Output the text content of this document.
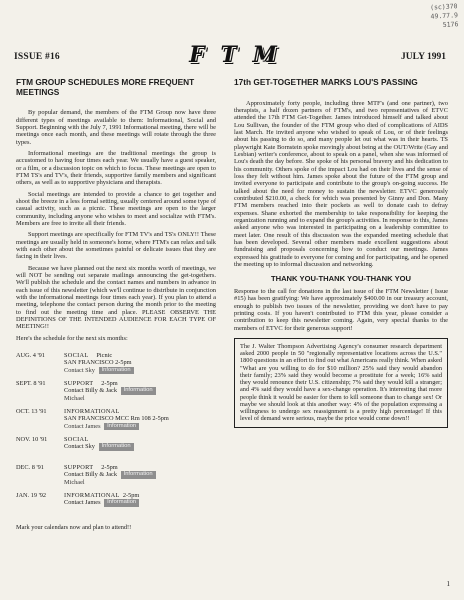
(sc)370
49.77.9
5176
ISSUE #16	F T M	JULY 1991
FTM GROUP SCHEDULES MORE FREQUENT MEETINGS

By popular demand, the members of the FTM Group now have three different types of meetings available to them: Informational, Social and Support. Beginning with the July 7, 1991 Informational meeting, there will be meetings once each month, and these meetings will rotate through the three types.

Informational meetings are the traditional meetings the group is accustomed to having four times each year. We usually have a guest speaker, or a film, or a discussion topic on which to focus. These meetings are open to FTM TS's and TV's, their friends, supportive family members and significant others, as well as to supportive physicians and therapists.

Social meetings are intended to provide a chance to get together and shoot the breeze in a less formal setting, usually centered around some type of casual activity, such as a picnic. These meetings are open to the larger community, including anyone who wishes to meet and socialize with FTM's. Members are free to invite all their friends.

Support meetings are specifically for FTM TV's and TS's ONLY!! These meetings are usually held in someone's home, where FTM's can relax and talk with each other about the sometimes painful or delicate issues that they are facing in their lives.

Because we have planned out the next six months worth of meetings, we will NOT be sending out separate mailings announcing the get-togethers. We'll publish the schedule and the contact names and numbers in advance in each issue of this newsletter (which we'll continue to distribute in conjunction with the informational meetings four times each year). If you plan to attend a meeting, telephone the contact person during the month prior to the meeting to find out the meeting time and place. PLEASE OBSERVE THE DEFINITIONS OF THE INTENDED AUDIENCE FOR EACH TYPE OF MEETING!!

Here's the schedule for the next six months:

AUG. 4 '91	SOCIAL Picnic
SAN FRANCISCO 2-5pm
Contact Sky Information
SEPT. 8 '91	SUPPORT 2-5pm
Contact Billy & Jack Information
Michael
OCT. 13 '91	INFORMATIONAL
SAN FRANCISCO MCC Rm 108 2-5pm
Contact James Information
NOV. 10 '91	SOCIAL
Contact Sky Information
DEC. 8 '91	SUPPORT 2-5pm
Contact Billy & Jack Information
Michael
JAN. 19 '92	INFORMATIONAL 2-5pm
Contact James Information

Mark your calendars now and plan to attend!!

17th GET-TOGETHER MARKS LOU'S PASSING

Approximately forty people, including three MTF's (and one partner), two therapists, a half dozen partners of FTM's, and two representatives of ETVC attended the 17th FTM Get-Together. James introduced himself and talked about Lou Sullivan, the founder of the FTM group who died of complications of AIDS last March. He invited anyone who wished to speak of Lou, or of their feelings about his passing to do so, and many people let out what was in their hearts. TS playwright Kate Bornstein spoke movingly about being at the OUT/Write (Gay and Lesbian) writer's conference, about to speak on a panel, when she was informed of Lou's death the day before. She spoke of his personal bravery and his dedication to his community. Others spoke of the impact Lou had on their lives and the sense of loss they felt without him. James spoke about the future of the FTM group and invited everyone to participate and contribute to the group's on-going success. He talked about the need for money to sustain the newsletter. ETVC generously contributed $210.00, a check for which was presented by Ginny and Don. Many FTM members reached into their pockets as well to donate cash to defray expenses. Shane exhorted the membership to take responsibility for keeping the organization running and to expand the group's activities. In response to this, James asked anyone who was interested in participating on a leadership committee to meet later. One result of this discussion was the expanded meeting schedule that has been developed. Several other members made excellent suggestions about fundraising and proposals concerning how to conduct our meetings. James expressed his gratitude to everyone for coming and for participating, and he opened the meeting up to informal discussion and networking.

THANK YOU-THANK YOU-THANK YOU

Response to the call for donations in the last issue of the FTM Newsletter ( Issue #15) has been gratifying: We have approximately $400.00 in our treasury account, enough to publish two issues of the newsletter, providing we don't have to pay printing costs. If you haven't contributed to FTM this year, please consider a contribution to keep this newsletter coming. Again, very special thanks to the members of ETVC for their generous support!

The J. Walter Thompson Advertising Agency's consumer research department asked 2000 people in 50 "regionally representative locations across the U.S." 1800 questions in an effort to find out what Americans really think. When asked "What are you willing to do for $10 million? 25% said they would abandon their family; 23% said they would become a prostitute for a week; 16% said they would renounce their U.S. citizenship; 7% said they would kill a stranger; and 4% said they would have a sex-change operation. It's interesting that more people think it would be easier for them to kill someone than to change sex! Or maybe we should look at this another way: 4% of the population expressing a willingness to undergo sex reassignment is a pretty high percentage! If this level of demand were serious, maybe the price would come down!!
1
